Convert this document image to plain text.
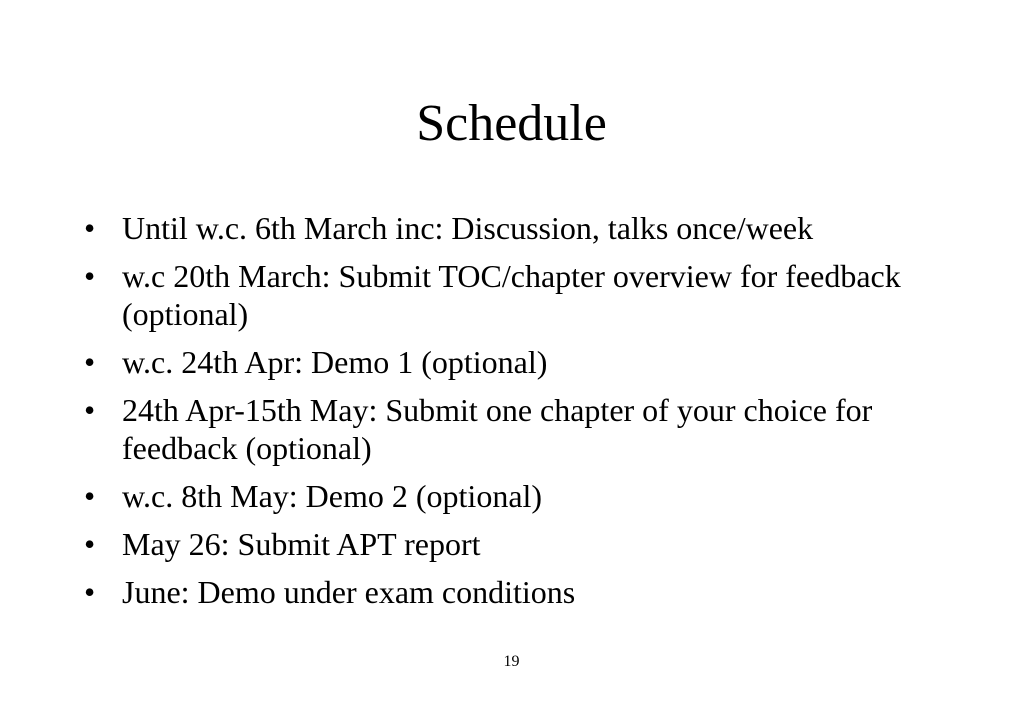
Schedule
• Until w.c. 6th March inc: Discussion, talks once/week
• w.c 20th March: Submit TOC/chapter overview for feedback (optional)
• w.c. 24th Apr: Demo 1 (optional)
• 24th Apr-15th May: Submit one chapter of your choice for feedback (optional)
• w.c. 8th May: Demo 2 (optional)
• May 26: Submit APT report
• June: Demo under exam conditions
19
